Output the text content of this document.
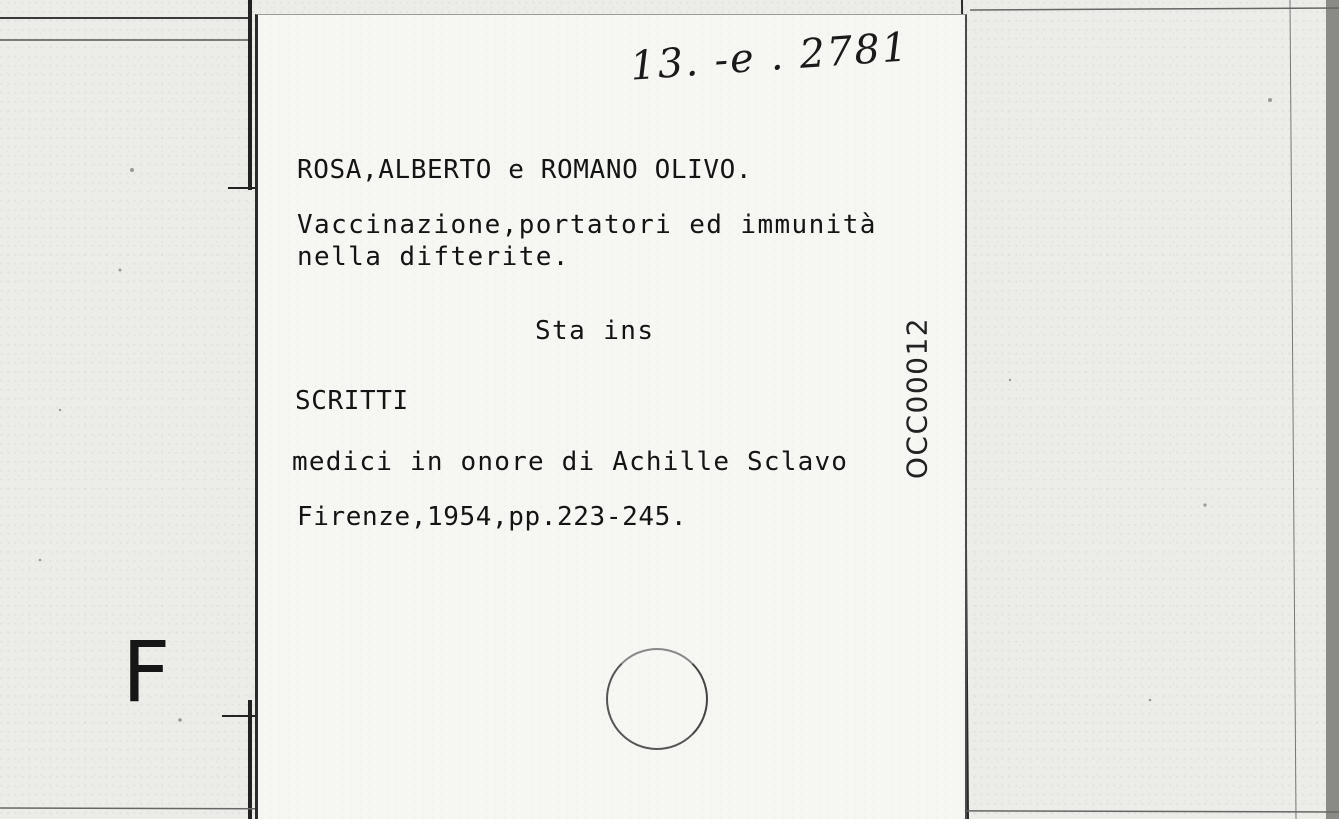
13. -e . 2781
ROSA,ALBERTO e ROMANO OLIVO.
Vaccinazione,portatori ed immunità
nella difterite.
Sta ins
SCRITTI
medici in onore di Achille Sclavo
Firenze,1954,pp.223-245.
OCC00012
F
